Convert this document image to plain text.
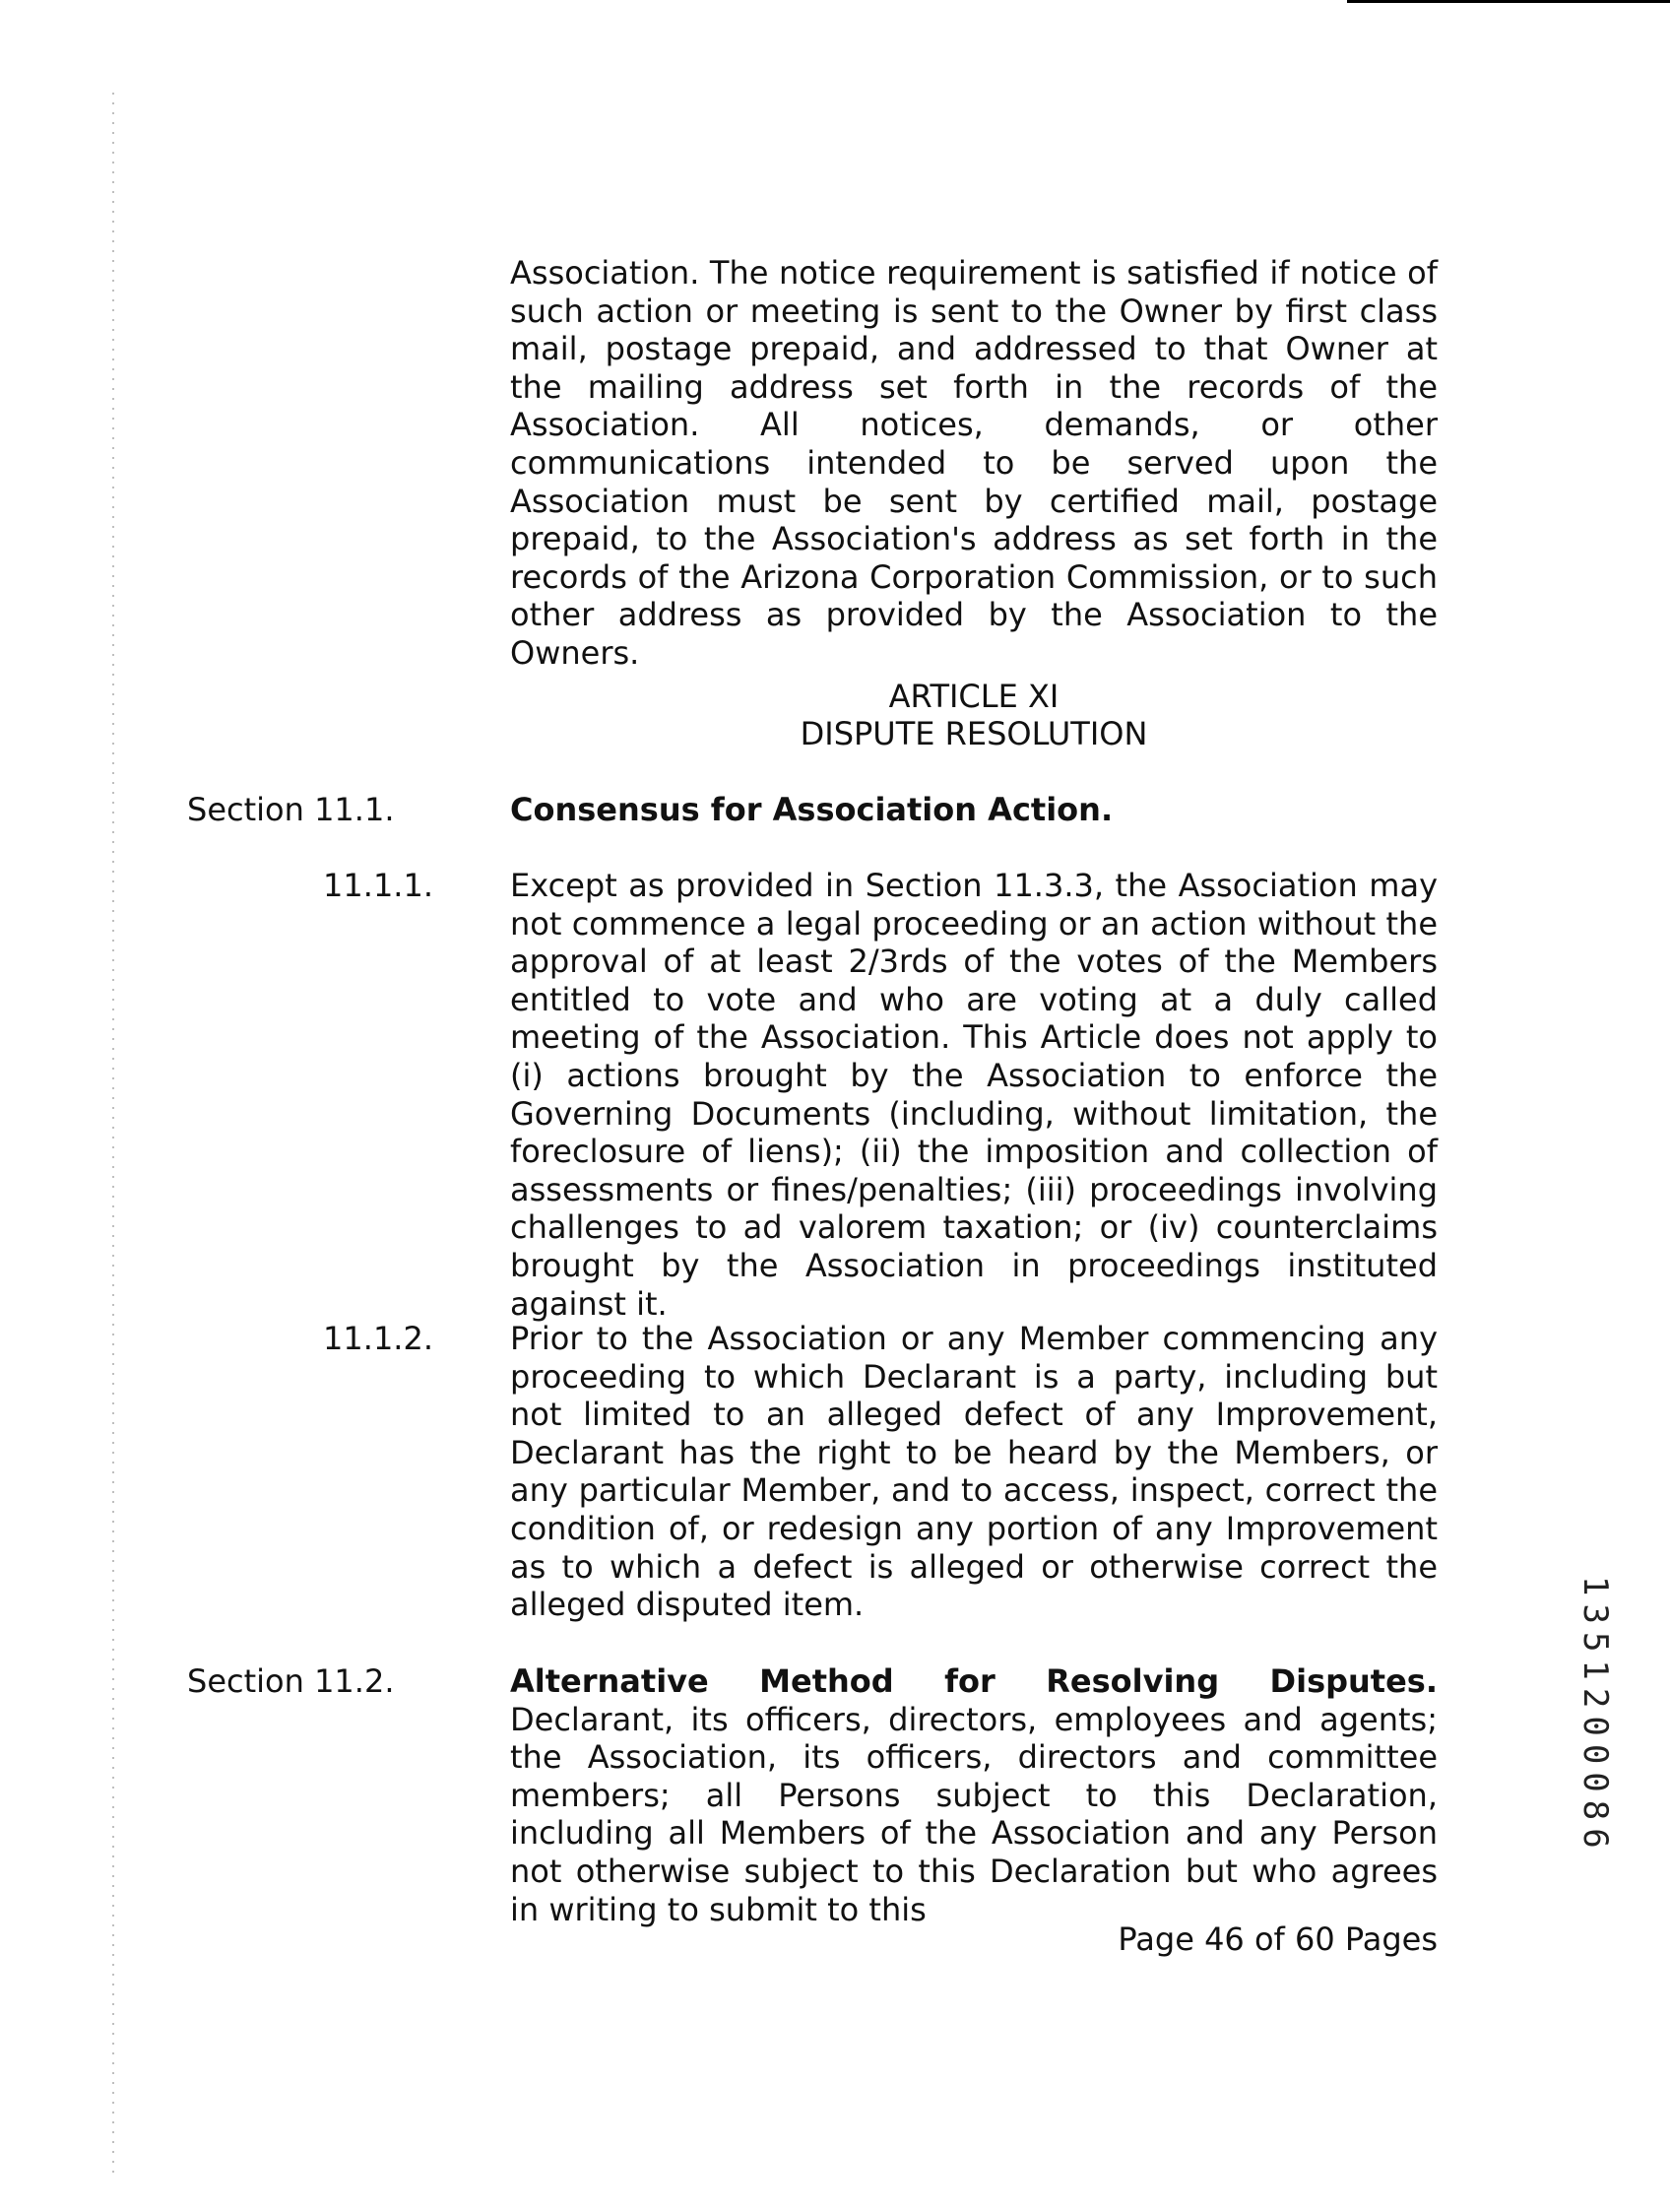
Association. The notice requirement is satisfied if notice of such action or meeting is sent to the Owner by first class mail, postage prepaid, and addressed to that Owner at the mailing address set forth in the records of the Association. All notices, demands, or other communications intended to be served upon the Association must be sent by certified mail, postage prepaid, to the Association's address as set forth in the records of the Arizona Corporation Commission, or to such other address as provided by the Association to the Owners.
ARTICLE XI
DISPUTE RESOLUTION
Section 11.1.	Consensus for Association Action.
11.1.1. Except as provided in Section 11.3.3, the Association may not commence a legal proceeding or an action without the approval of at least 2/3rds of the votes of the Members entitled to vote and who are voting at a duly called meeting of the Association. This Article does not apply to (i) actions brought by the Association to enforce the Governing Documents (including, without limitation, the foreclosure of liens); (ii) the imposition and collection of assessments or fines/penalties; (iii) proceedings involving challenges to ad valorem taxation; or (iv) counterclaims brought by the Association in proceedings instituted against it.
11.1.2. Prior to the Association or any Member commencing any proceeding to which Declarant is a party, including but not limited to an alleged defect of any Improvement, Declarant has the right to be heard by the Members, or any particular Member, and to access, inspect, correct the condition of, or redesign any portion of any Improvement as to which a defect is alleged or otherwise correct the alleged disputed item.
Section 11.2.	Alternative Method for Resolving Disputes. Declarant, its officers, directors, employees and agents; the Association, its officers, directors and committee members; all Persons subject to this Declaration, including all Members of the Association and any Person not otherwise subject to this Declaration but who agrees in writing to submit to this
Page 46 of 60 Pages
1351200086
